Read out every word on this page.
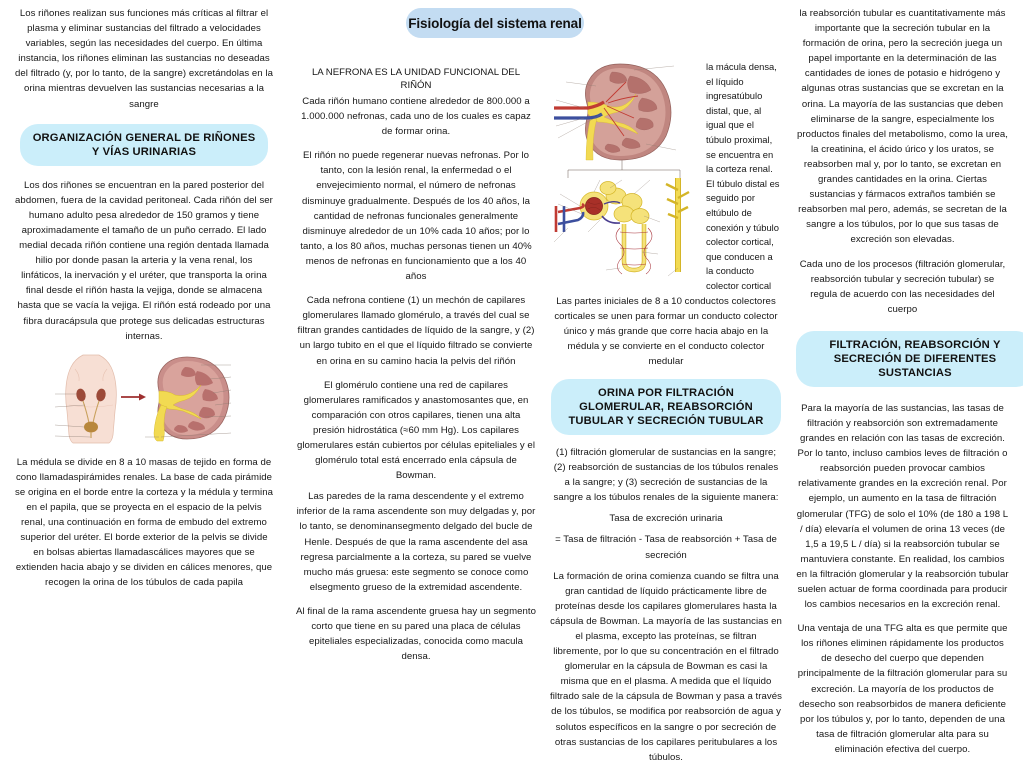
Fisiología del sistema renal

Los riñones realizan sus funciones más críticas al filtrar el plasma y eliminar sustancias del filtrado a velocidades variables, según las necesidades del cuerpo. En última instancia, los riñones eliminan las sustancias no deseadas del filtrado (y, por lo tanto, de la sangre) excretándolas en la orina mientras devuelven las sustancias necesarias a la sangre

ORGANIZACIÓN GENERAL DE RIÑONES Y VÍAS URINARIAS

Los dos riñones se encuentran en la pared posterior del abdomen, fuera de la cavidad peritoneal. Cada riñón del ser humano adulto pesa alrededor de 150 gramos y tiene aproximadamente el tamaño de un puño cerrado. El lado medial decada riñón contiene una región dentada llamada hilio por donde pasan la arteria y la vena renal, los linfáticos, la inervación y el uréter, que transporta la orina final desde el riñón hasta la vejiga, donde se almacena hasta que se vacía la vejiga. El riñón está rodeado por una fibra duracápsula que protege sus delicadas estructuras internas.

La médula se divide en 8 a 10 masas de tejido en forma de cono llamadaspirámides renales. La base de cada pirámide se origina en el borde entre la corteza y la médula y termina en el papila, que se proyecta en el espacio de la pelvis renal, una continuación en forma de embudo del extremo superior del uréter. El borde exterior de la pelvis se divide en bolsas abiertas llamadascálices mayores que se extienden hacia abajo y se dividen en cálices menores, que recogen la orina de los túbulos de cada papila

LA NEFRONA ES LA UNIDAD FUNCIONAL DEL RIÑÓN

Cada riñón humano contiene alrededor de 800.000 a 1.000.000 nefronas, cada uno de los cuales es capaz de formar orina.

El riñón no puede regenerar nuevas nefronas. Por lo tanto, con la lesión renal, la enfermedad o el envejecimiento normal, el número de nefronas disminuye gradualmente. Después de los 40 años, la cantidad de nefronas funcionales generalmente disminuye alrededor de un 10% cada 10 años; por lo tanto, a los 80 años, muchas personas tienen un 40% menos de nefronas en funcionamiento que a los 40 años

Cada nefrona contiene (1) un mechón de capilares glomerulares llamado glomérulo, a través del cual se filtran grandes cantidades de líquido de la sangre, y (2) un largo tubito en el que el líquido filtrado se convierte en orina en su camino hacia la pelvis del riñón

El glomérulo contiene una red de capilares glomerulares ramificados y anastomosantes que, en comparación con otros capilares, tienen una alta presión hidrostática (≈60 mm Hg). Los capilares glomerulares están cubiertos por células epiteliales y el glomérulo total está encerrado enla cápsula de Bowman.

Las paredes de la rama descendente y el extremo inferior de la rama ascendente son muy delgadas y, por lo tanto, se denominansegmento delgado del bucle de Henle. Después de que la rama ascendente del asa regresa parcialmente a la corteza, su pared se vuelve mucho más gruesa: este segmento se conoce como elsegmento grueso de la extremidad ascendente.

Al final de la rama ascendente gruesa hay un segmento corto que tiene en su pared una placa de células epiteliales especializadas, conocida como macula densa.

la mácula densa, el líquido ingresatúbulo distal, que, al igual que el túbulo proximal, se encuentra en la corteza renal. El túbulo distal es seguido por eltúbulo de conexión y túbulo colector cortical, que conducen a la conducto colector cortical

Las partes iniciales de 8 a 10 conductos colectores corticales se unen para formar un conducto colector único y más grande que corre hacia abajo en la médula y se convierte en el conducto colector medular

ORINA POR FILTRACIÓN GLOMERULAR, REABSORCIÓN TUBULAR Y SECRECIÓN TUBULAR

(1) filtración glomerular de sustancias en la sangre; (2) reabsorción de sustancias de los túbulos renales a la sangre; y (3) secreción de sustancias de la sangre a los túbulos renales de la siguiente manera:

Tasa de excreción urinaria

= Tasa de filtración - Tasa de reabsorción + Tasa de secreción

La formación de orina comienza cuando se filtra una gran cantidad de líquido prácticamente libre de proteínas desde los capilares glomerulares hasta la cápsula de Bowman. La mayoría de las sustancias en el plasma, excepto las proteínas, se filtran libremente, por lo que su concentración en el filtrado glomerular en la cápsula de Bowman es casi la misma que en el plasma. A medida que el líquido filtrado sale de la cápsula de Bowman y pasa a través de los túbulos, se modifica por reabsorción de agua y solutos específicos en la sangre o por secreción de otras sustancias de los capilares peritubulares a los túbulos.

la reabsorción tubular es cuantitativamente más importante que la secreción tubular en la formación de orina, pero la secreción juega un papel importante en la determinación de las cantidades de iones de potasio e hidrógeno y algunas otras sustancias que se excretan en la orina. La mayoría de las sustancias que deben eliminarse de la sangre, especialmente los productos finales del metabolismo, como la urea, la creatinina, el ácido úrico y los uratos, se reabsorben mal y, por lo tanto, se excretan en grandes cantidades en la orina. Ciertas sustancias y fármacos extraños también se reabsorben mal pero, además, se secretan de la sangre a los túbulos, por lo que sus tasas de excreción son elevadas.

Cada uno de los procesos (filtración glomerular, reabsorción tubular y secreción tubular) se regula de acuerdo con las necesidades del cuerpo

FILTRACIÓN, REABSORCIÓN Y SECRECIÓN DE DIFERENTES SUSTANCIAS

Para la mayoría de las sustancias, las tasas de filtración y reabsorción son extremadamente grandes en relación con las tasas de excreción. Por lo tanto, incluso cambios leves de filtración o reabsorción pueden provocar cambios relativamente grandes en la excreción renal. Por ejemplo, un aumento en la tasa de filtración glomerular (TFG) de solo el 10% (de 180 a 198 L / día) elevaría el volumen de orina 13 veces (de 1,5 a 19,5 L / día) si la reabsorción tubular se mantuviera constante. En realidad, los cambios en la filtración glomerular y la reabsorción tubular suelen actuar de forma coordinada para producir los cambios necesarios en la excreción renal.

Una ventaja de una TFG alta es que permite que los riñones eliminen rápidamente los productos de desecho del cuerpo que dependen principalmente de la filtración glomerular para su excreción. La mayoría de los productos de desecho son reabsorbidos de manera deficiente por los túbulos y, por lo tanto, dependen de una tasa de filtración glomerular alta para su eliminación efectiva del cuerpo.
